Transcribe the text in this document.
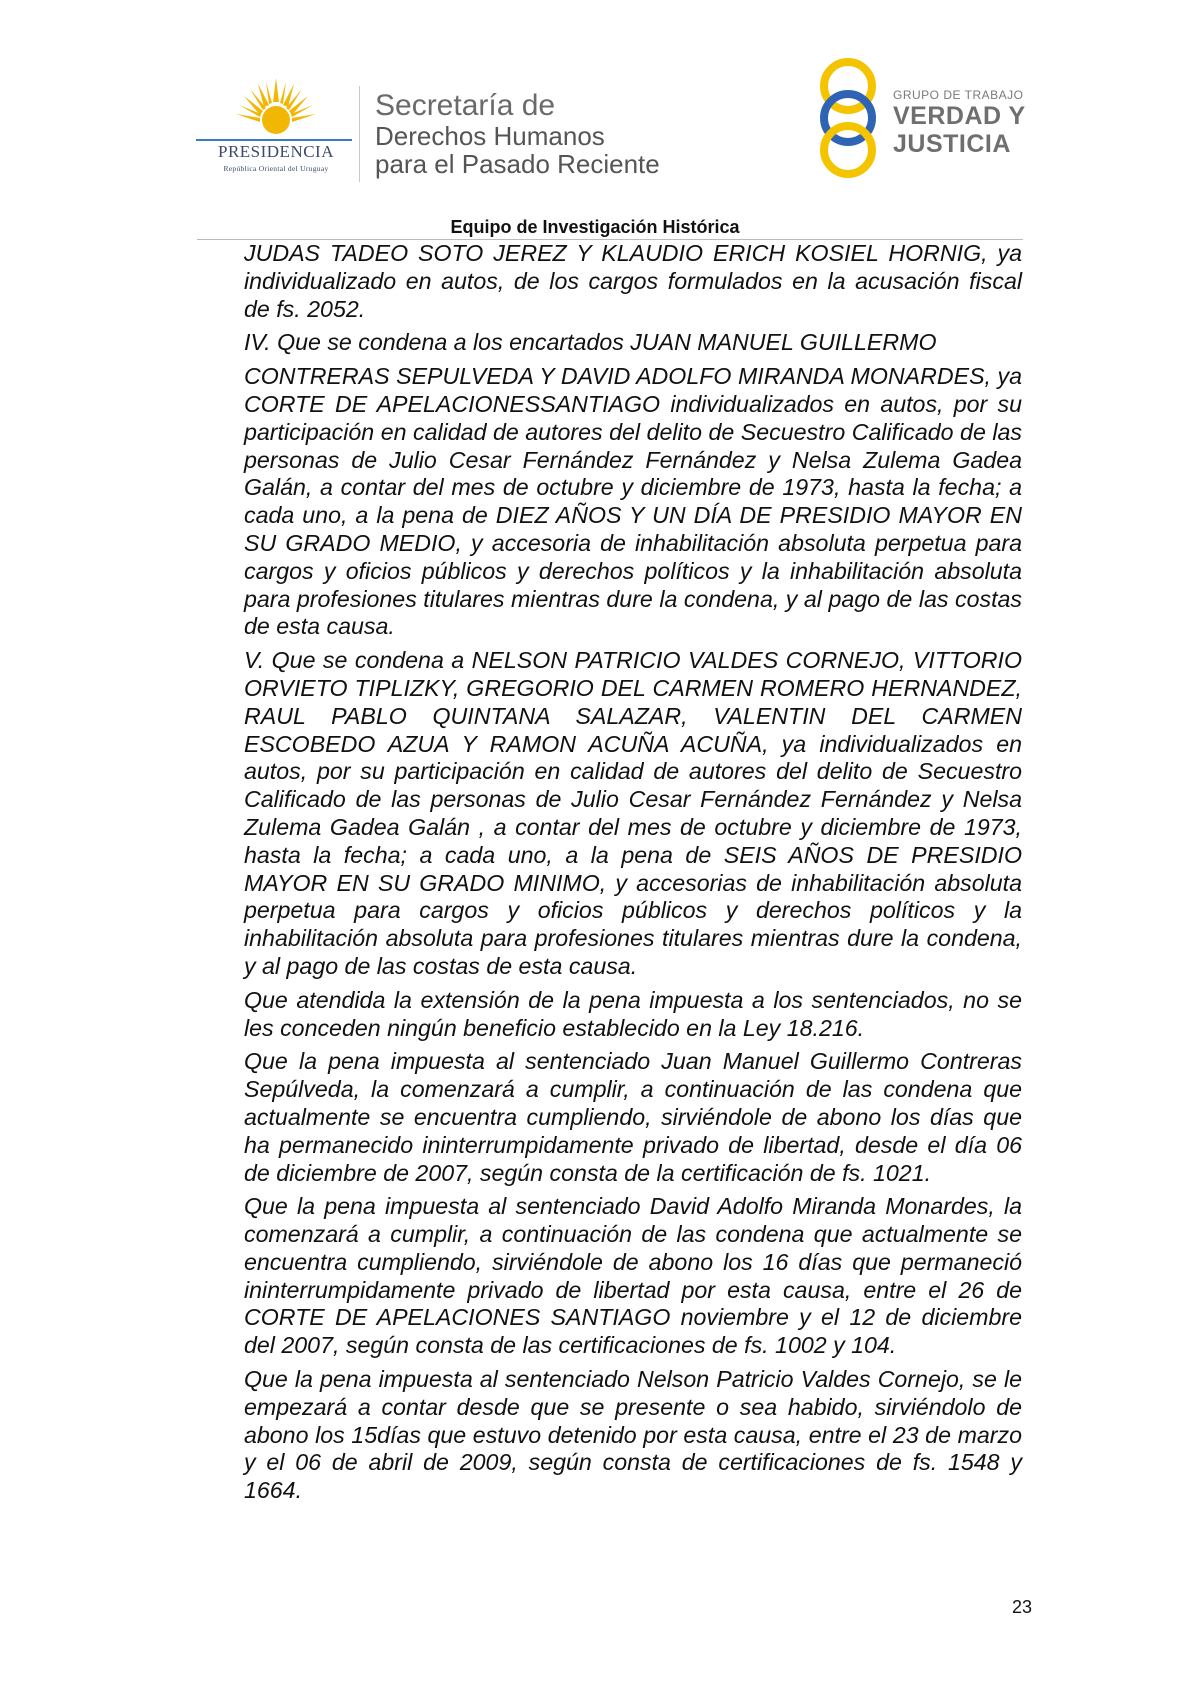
PRESIDENCIA
República Oriental del Uruguay
Secretaría de
Derechos Humanos
para el Pasado Reciente
GRUPO DE TRABAJO
VERDAD Y
JUSTICIA
Equipo de Investigación Histórica

JUDAS TADEO SOTO JEREZ Y KLAUDIO ERICH KOSIEL HORNIG, ya individualizado en autos, de los cargos formulados en la acusación fiscal de fs. 2052.

IV. Que se condena a los encartados JUAN MANUEL GUILLERMO

CONTRERAS SEPULVEDA Y DAVID ADOLFO MIRANDA MONARDES, ya CORTE DE APELACIONESSANTIAGO individualizados en autos, por su participación en calidad de autores del delito de Secuestro Calificado de las personas de Julio Cesar Fernández Fernández y Nelsa Zulema Gadea Galán, a contar del mes de octubre y diciembre de 1973, hasta la fecha; a cada uno, a la pena de DIEZ AÑOS Y UN DÍA DE PRESIDIO MAYOR EN SU GRADO MEDIO, y accesoria de inhabilitación absoluta perpetua para cargos y oficios públicos y derechos políticos y la inhabilitación absoluta para profesiones titulares mientras dure la condena, y al pago de las costas de esta causa.

V. Que se condena a NELSON PATRICIO VALDES CORNEJO, VITTORIO ORVIETO TIPLIZKY, GREGORIO DEL CARMEN ROMERO HERNANDEZ, RAUL PABLO QUINTANA SALAZAR, VALENTIN DEL CARMEN ESCOBEDO AZUA Y RAMON ACUÑA ACUÑA, ya individualizados en autos, por su participación en calidad de autores del delito de Secuestro Calificado de las personas de Julio Cesar Fernández Fernández y Nelsa Zulema Gadea Galán , a contar del mes de octubre y diciembre de 1973, hasta la fecha; a cada uno, a la pena de SEIS AÑOS DE PRESIDIO MAYOR EN SU GRADO MINIMO, y accesorias de inhabilitación absoluta perpetua para cargos y oficios públicos y derechos políticos y la inhabilitación absoluta para profesiones titulares mientras dure la condena, y al pago de las costas de esta causa.

Que atendida la extensión de la pena impuesta a los sentenciados, no se les conceden ningún beneficio establecido en la Ley 18.216.

Que la pena impuesta al sentenciado Juan Manuel Guillermo Contreras Sepúlveda, la comenzará a cumplir, a continuación de las condena que actualmente se encuentra cumpliendo, sirviéndole de abono los días que ha permanecido ininterrumpidamente privado de libertad, desde el día 06 de diciembre de 2007, según consta de la certificación de fs. 1021.

Que la pena impuesta al sentenciado David Adolfo Miranda Monardes, la comenzará a cumplir, a continuación de las condena que actualmente se encuentra cumpliendo, sirviéndole de abono los 16 días que permaneció ininterrumpidamente privado de libertad por esta causa, entre el 26 de CORTE DE APELACIONES SANTIAGO noviembre y el 12 de diciembre del 2007, según consta de las certificaciones de fs. 1002 y 104.

Que la pena impuesta al sentenciado Nelson Patricio Valdes Cornejo, se le empezará a contar desde que se presente o sea habido, sirviéndolo de abono los 15días que estuvo detenido por esta causa, entre el 23 de marzo y el 06 de abril de 2009, según consta de certificaciones de fs. 1548 y 1664.

23
